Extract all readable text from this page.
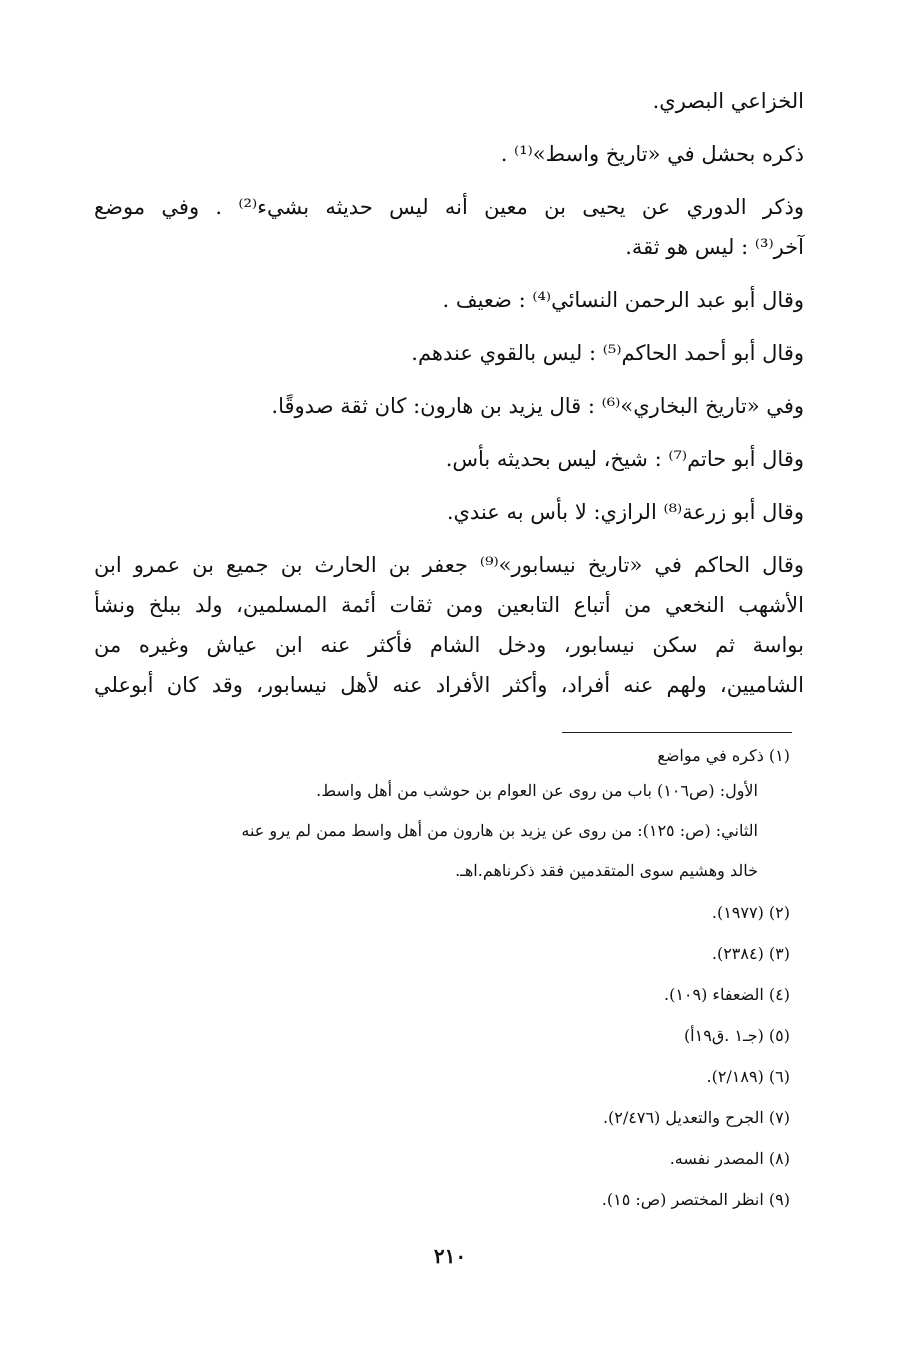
الخزاعي البصري.
ذكره بحشل في «تاريخ واسط»⁽¹⁾ .
وذكر الدوري عن يحيى بن معين أنه ليس حديثه بشيء⁽²⁾ . وفي موضع
آخر⁽³⁾ : ليس هو ثقة.
وقال أبو عبد الرحمن النسائي⁽⁴⁾ : ضعيف .
وقال أبو أحمد الحاكم⁽⁵⁾ : ليس بالقوي عندهم.
وفي «تاريخ البخاري»⁽⁶⁾ : قال يزيد بن هارون: كان ثقة صدوقًا.
وقال أبو حاتم⁽⁷⁾ : شيخ، ليس بحديثه بأس.
وقال أبو زرعة⁽⁸⁾ الرازي: لا بأس به عندي.
وقال الحاكم في «تاريخ نيسابور»⁽⁹⁾ جعفر بن الحارث بن جميع بن عمرو ابن
الأشهب النخعي من أتباع التابعين ومن ثقات أئمة المسلمين، ولد ببلخ ونشأ
بواسة ثم سكن نيسابور، ودخل الشام فأكثر عنه ابن عياش وغيره من
الشاميين، ولهم عنه أفراد، وأكثر الأفراد عنه لأهل نيسابور، وقد كان أبوعلي
(١) ذكره في مواضع
الأول: (ص١٠٦) باب من روى عن العوام بن حوشب من أهل واسط.
الثاني: (ص: ١٢٥): من روى عن يزيد بن هارون من أهل واسط ممن لم يرو عنه
خالد وهشيم سوى المتقدمين فقد ذكرناهم.اهـ.
(٢) (١٩٧٧).
(٣) (٢٣٨٤).
(٤) الضعفاء (١٠٩).
(٥) (جـ١ .ق١٩أ)
(٦) (٢/١٨٩).
(٧) الجرح والتعديل (٢/٤٧٦).
(٨) المصدر نفسه.
(٩) انظر المختصر (ص: ١٥).
٢١٠
